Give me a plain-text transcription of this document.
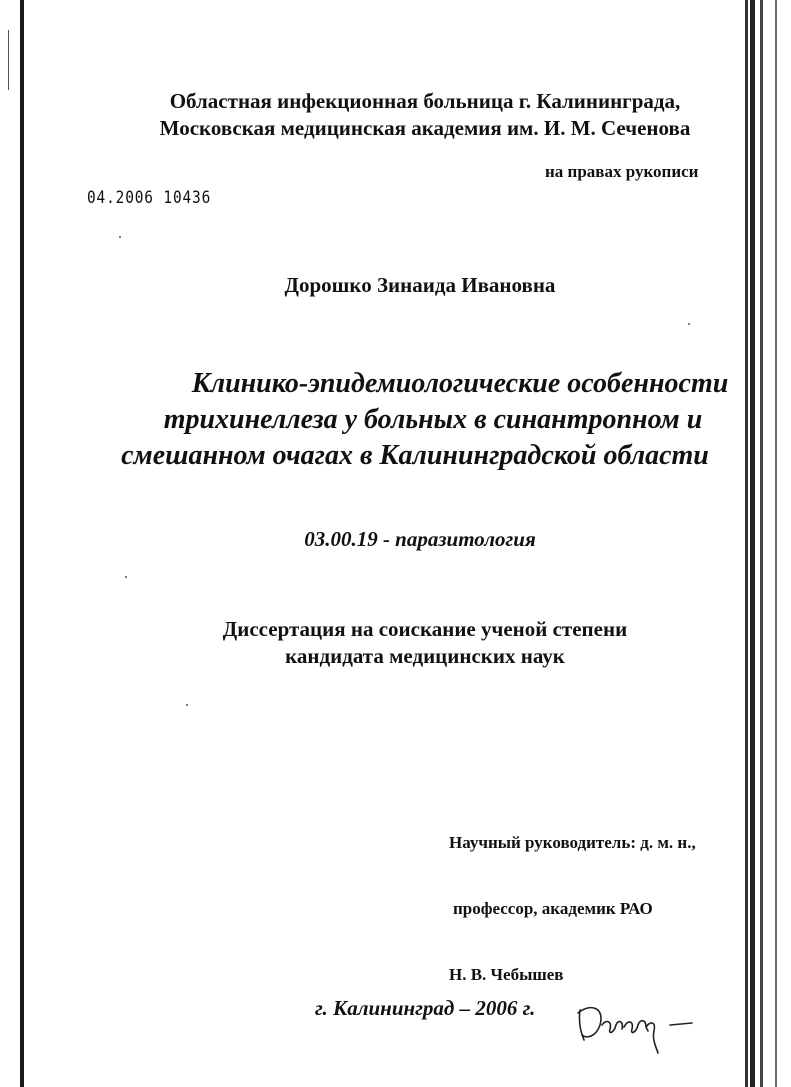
Областная инфекционная больница г. Калининграда,
Московская медицинская академия им. И. М. Сеченова
на правах рукописи
04.2006 10436
Дорошко Зинаида Ивановна
Клинико-эпидемиологические особенности
трихинеллеза у больных в синантропном и
смешанном очагах в Калининградской области
03.00.19 - паразитология
Диссертация на соискание ученой степени
кандидата медицинских наук

Научный руководитель: д. м. н.,

профессор, академик РАО

Н. В. Чебышев

г. Калининград – 2006 г.
